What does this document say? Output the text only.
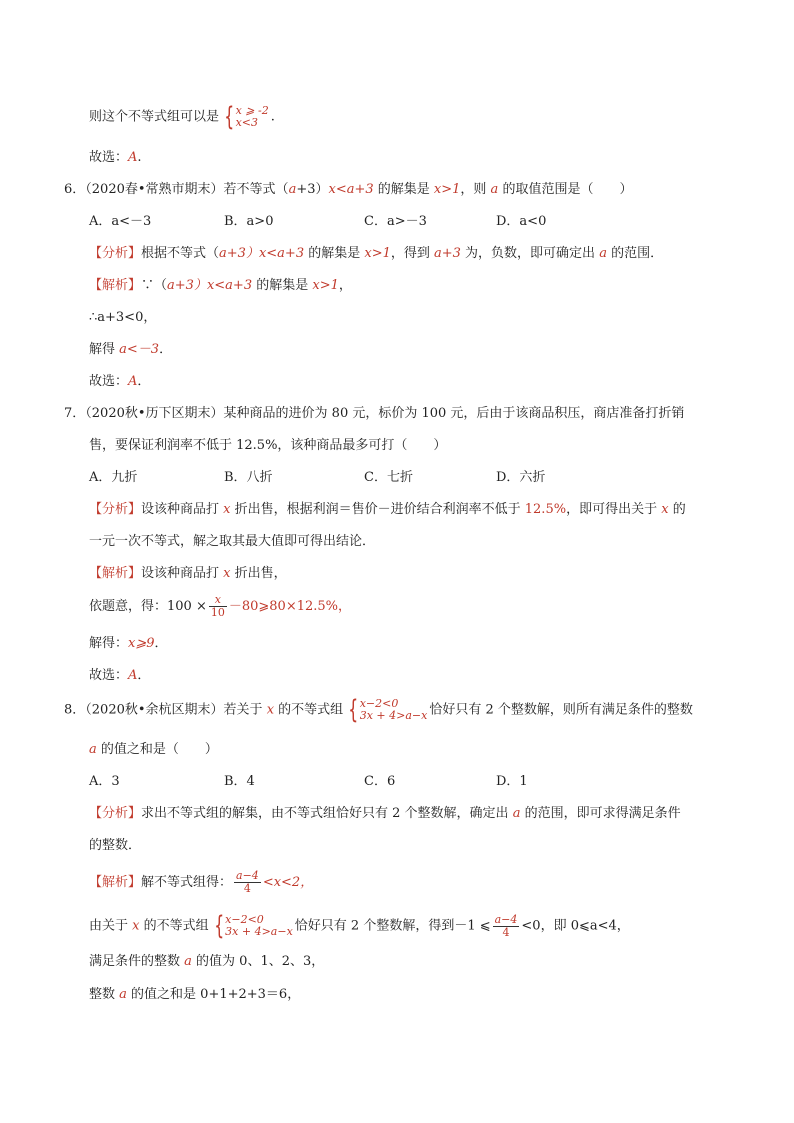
则这个不等式组可以是 { x ⩾ -2
x<3 .
故选：A.
6．（2020春•常熟市期末）若不等式（a+3）x<a+3 的解集是 x>1，则 a 的取值范围是（　　）
A．a<－3	B．a>0	C．a>－3	D．a<0
【分析】根据不等式（a+3）x<a+3 的解集是 x>1，得到 a+3 为，负数，即可确定出 a 的范围．
【解析】∵（a+3）x<a+3 的解集是 x>1，
∴a+3<0，
解得 a<－3．
故选：A．
7．（2020秋•历下区期末）某种商品的进价为 80 元，标价为 100 元，后由于该商品积压，商店准备打折销
售，要保证利润率不低于 12.5%，该种商品最多可打（　　）
A．九折	B．八折	C．七折	D．六折
【分析】设该种商品打 x 折出售，根据利润＝售价－进价结合利润率不低于 12.5%，即可得出关于 x 的
一元一次不等式，解之取其最大值即可得出结论．
【解析】设该种商品打 x 折出售，
依题意，得：$100 \times \frac{x}{10}$ －80⩾80×12.5%，
解得：x⩾9．
故选：A．
8．（2020秋•余杭区期末）若关于 x 的不等式组 { x−2<0
3x + 4>a−x 恰好只有 2 个整数解，则所有满足条件的整数
a 的值之和是（　　）
A．3	B．4	C．6	D．1
【分析】求出不等式组的解集，由不等式组恰好只有 2 个整数解，确定出 a 的范围，即可求得满足条件
的整数．
【解析】解不等式组得： $\frac{a-4}{4} <x<2$，
由关于 x 的不等式组 { x−2<0
3x + 4>a−x 恰好只有 2 个整数解，得到－1 ⩽ $\frac{a-4}{4} <0$，即 0⩽a<4，
满足条件的整数 a 的值为 0、1、2、3，
整数 a 的值之和是 0+1+2+3＝6，
